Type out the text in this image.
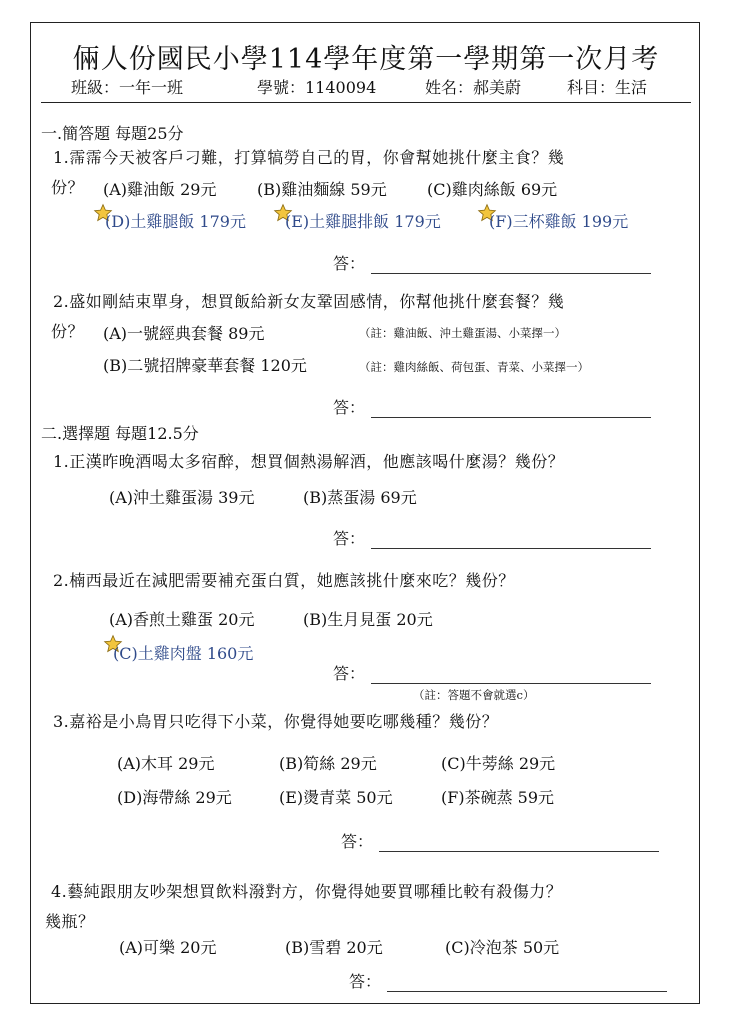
倆人份國民小學114學年度第一學期第一次月考
班級：一年一班	學號：1140094	姓名：郝美蔚	科目：生活
一.簡答題 每題25分
1.霈霈今天被客戶刁難，打算犒勞自己的胃，你會幫她挑什麼主食？幾
份？ (A)雞油飯 29元	(B)雞油麵線 59元	(C)雞肉絲飯 69元
(D)土雞腿飯 179元 (E)土雞腿排飯 179元	(F)三杯雞飯 199元
答：
2.盛如剛結束單身，想買飯給新女友鞏固感情，你幫他挑什麼套餐？幾
份？ (A)一號經典套餐 89元	（註：雞油飯、沖土雞蛋湯、小菜擇一）
(B)二號招牌豪華套餐 120元	（註：雞肉絲飯、荷包蛋、青菜、小菜擇一）
答：
二.選擇題 每題12.5分
1.正漢昨晚酒喝太多宿醉，想買個熱湯解酒，他應該喝什麼湯？幾份？
(A)沖土雞蛋湯 39元	(B)蒸蛋湯 69元
答：
2.楠西最近在減肥需要補充蛋白質，她應該挑什麼來吃？幾份？
(A)香煎土雞蛋 20元	(B)生月見蛋 20元
(C)土雞肉盤 160元
答：
（註：答題不會就選c）
3.嘉裕是小鳥胃只吃得下小菜，你覺得她要吃哪幾種？幾份？
(A)木耳 29元	(B)筍絲 29元	(C)牛蒡絲 29元
(D)海帶絲 29元	(E)燙青菜 50元	(F)茶碗蒸 59元
答：
4.藝純跟朋友吵架想買飲料潑對方，你覺得她要買哪種比較有殺傷力？
幾瓶？
(A)可樂 20元	(B)雪碧 20元	(C)冷泡茶 50元
答：
